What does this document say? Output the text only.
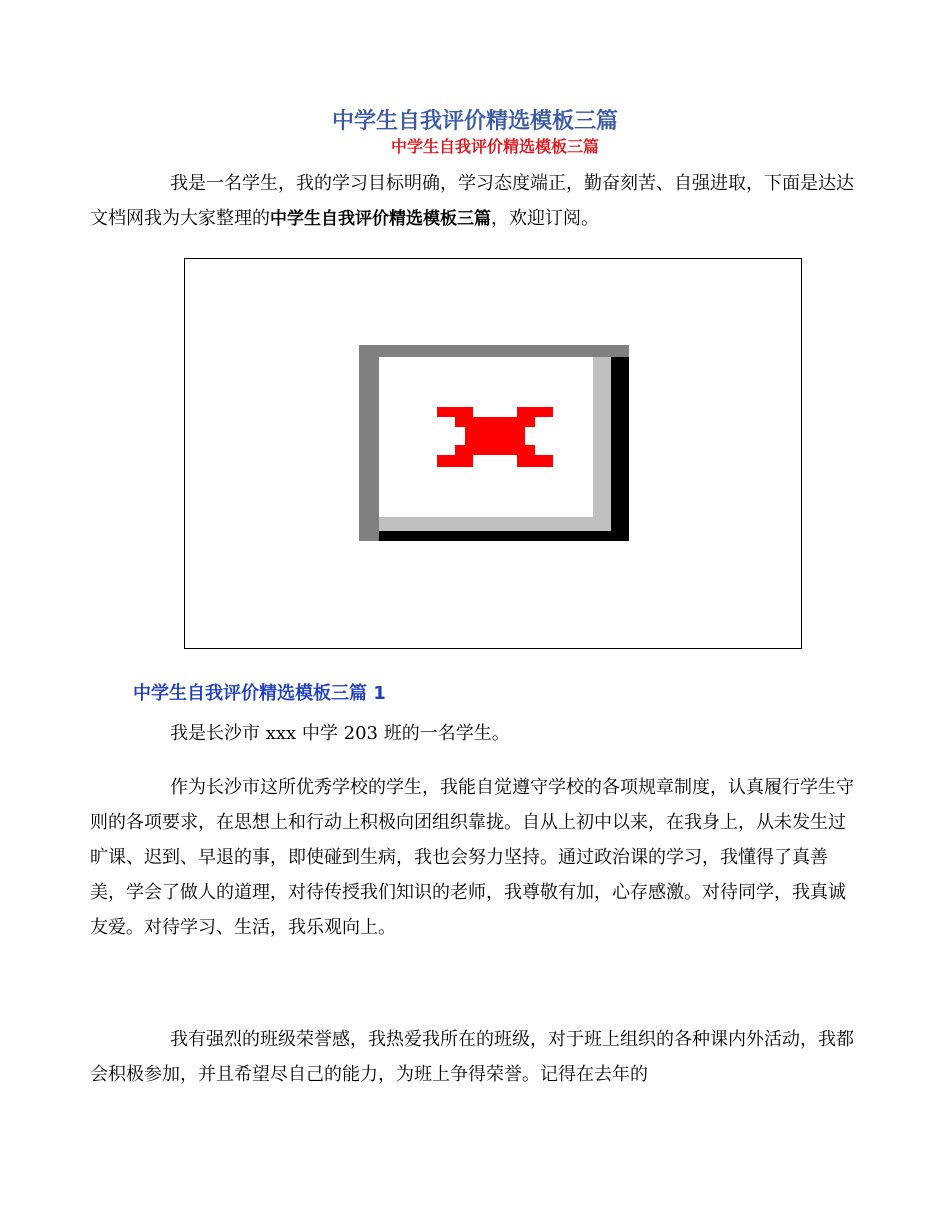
中学生自我评价精选模板三篇
中学生自我评价精选模板三篇
我是一名学生，我的学习目标明确，学习态度端正，勤奋刻苦、自强进取，下面是达达文档网我为大家整理的中学生自我评价精选模板三篇，欢迎订阅。
中学生自我评价精选模板三篇 1
我是长沙市 xxx 中学 203 班的一名学生。
作为长沙市这所优秀学校的学生，我能自觉遵守学校的各项规章制度，认真履行学生守则的各项要求，在思想上和行动上积极向团组织靠拢。自从上初中以来，在我身上，从未发生过旷课、迟到、早退的事，即使碰到生病，我也会努力坚持。通过政治课的学习，我懂得了真善美，学会了做人的道理，对待传授我们知识的老师，我尊敬有加，心存感激。对待同学，我真诚友爱。对待学习、生活，我乐观向上。
我有强烈的班级荣誉感，我热爱我所在的班级，对于班上组织的各种课内外活动，我都会积极参加，并且希望尽自己的能力，为班上争得荣誉。记得在去年的
